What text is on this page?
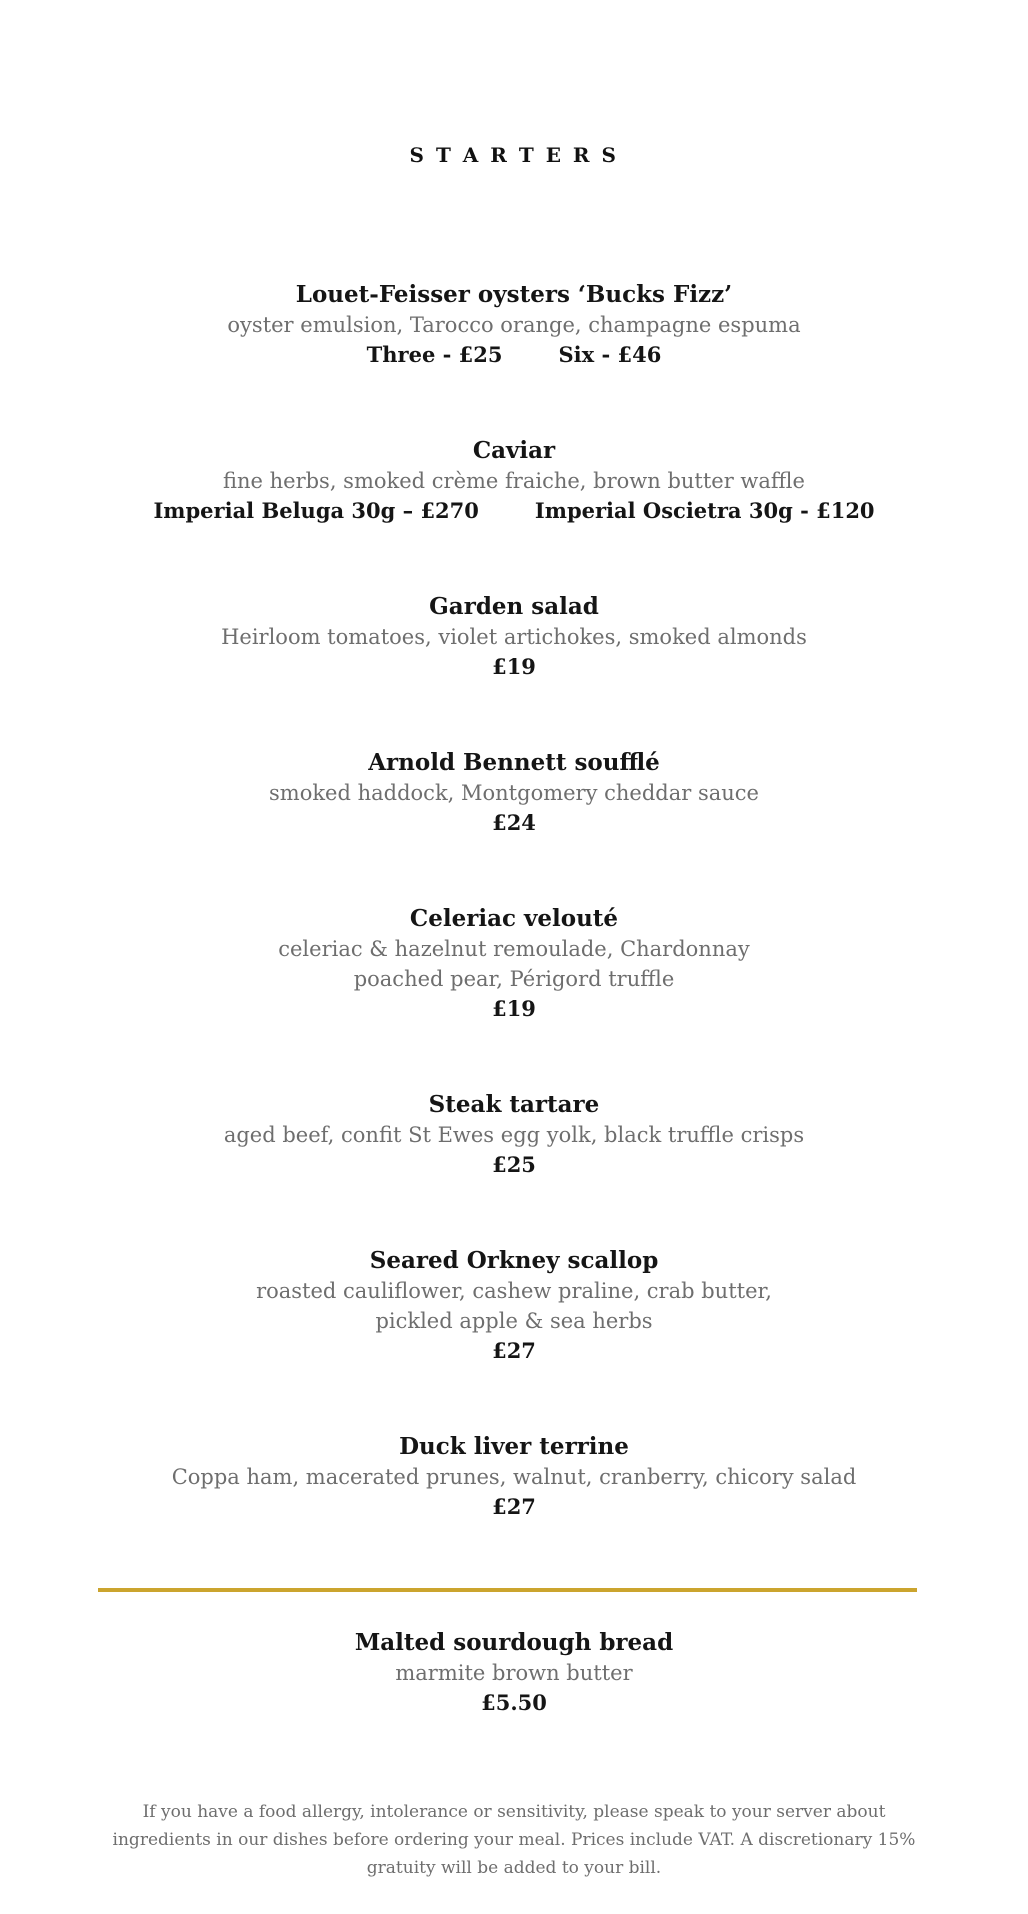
S T A R T E R S
Louet-Feisser oysters ‘Bucks Fizz’

oyster emulsion, Tarocco orange, champagne espuma

Three - £25	Six - £46

Caviar

fine herbs, smoked crème fraiche, brown butter waffle

Imperial Beluga 30g – £270	Imperial Oscietra 30g - £120

Garden salad

Heirloom tomatoes, violet artichokes, smoked almonds

£19

Arnold Bennett soufflé

smoked haddock, Montgomery cheddar sauce

£24

Celeriac velouté

celeriac & hazelnut remoulade, Chardonnay

poached pear, Périgord truffle

£19

Steak tartare

aged beef, confit St Ewes egg yolk, black truffle crisps

£25

Seared Orkney scallop

roasted cauliflower, cashew praline, crab butter,

pickled apple & sea herbs

£27

Duck liver terrine

Coppa ham, macerated prunes, walnut, cranberry, chicory salad

£27

Malted sourdough bread

marmite brown butter

£5.50

If you have a food allergy, intolerance or sensitivity, please speak to your server about
ingredients in our dishes before ordering your meal. Prices include VAT. A discretionary 15%
gratuity will be added to your bill.
